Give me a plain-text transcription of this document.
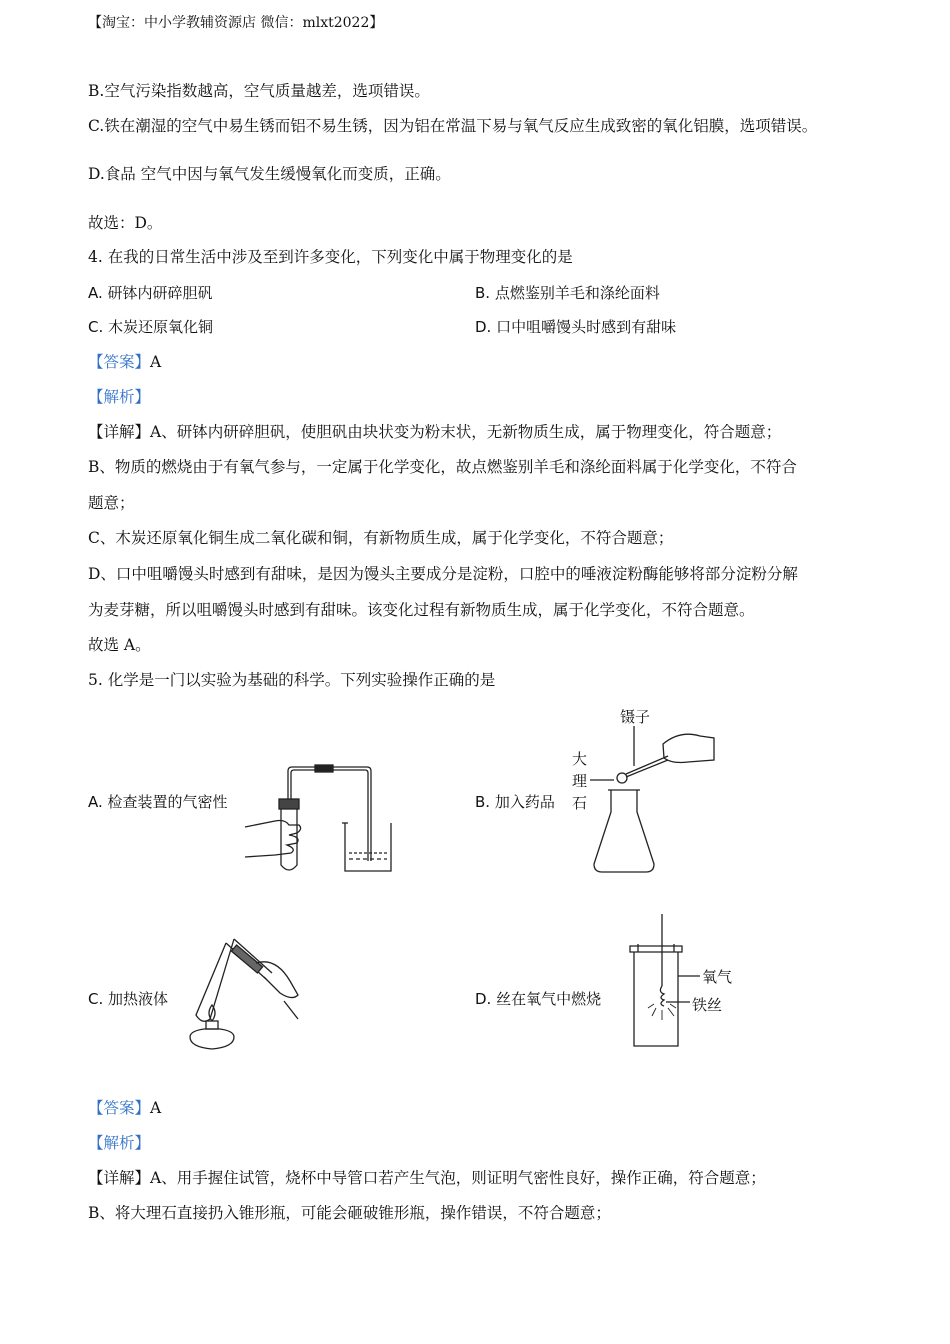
【淘宝：中小学教辅资源店 微信：mlxt2022】
B.空气污染指数越高，空气质量越差，选项错误。
C.铁在潮湿的空气中易生锈而铝不易生锈，因为铝在常温下易与氧气反应生成致密的氧化铝膜，选项错误。
D.食品 空气中因与氧气发生缓慢氧化而变质，正确。
故选：D。
4. 在我的日常生活中涉及至到许多变化，下列变化中属于物理变化的是
A. 研钵内研碎胆矾	B. 点燃鉴别羊毛和涤纶面料
C. 木炭还原氧化铜	D. 口中咀嚼馒头时感到有甜味
【答案】A
【解析】
【详解】A、研钵内研碎胆矾，使胆矾由块状变为粉末状，无新物质生成，属于物理变化，符合题意；
B、物质的燃烧由于有氧气参与，一定属于化学变化，故点燃鉴别羊毛和涤纶面料属于化学变化，不符合
题意；
C、木炭还原氧化铜生成二氧化碳和铜，有新物质生成，属于化学变化，不符合题意；
D、口中咀嚼馒头时感到有甜味，是因为馒头主要成分是淀粉，口腔中的唾液淀粉酶能够将部分淀粉分解
为麦芽糖，所以咀嚼馒头时感到有甜味。该变化过程有新物质生成，属于化学变化，不符合题意。
故选 A。
5. 化学是一门以实验为基础的科学。下列实验操作正确的是
A. 检查装置的气密性	B. 加入药品
C. 加热液体	D. 丝在氧气中燃烧
镊子
大
理
石
氧气
铁丝
【答案】A
【解析】
【详解】A、用手握住试管，烧杯中导管口若产生气泡，则证明气密性良好，操作正确，符合题意；
B、将大理石直接扔入锥形瓶，可能会砸破锥形瓶，操作错误，不符合题意；
